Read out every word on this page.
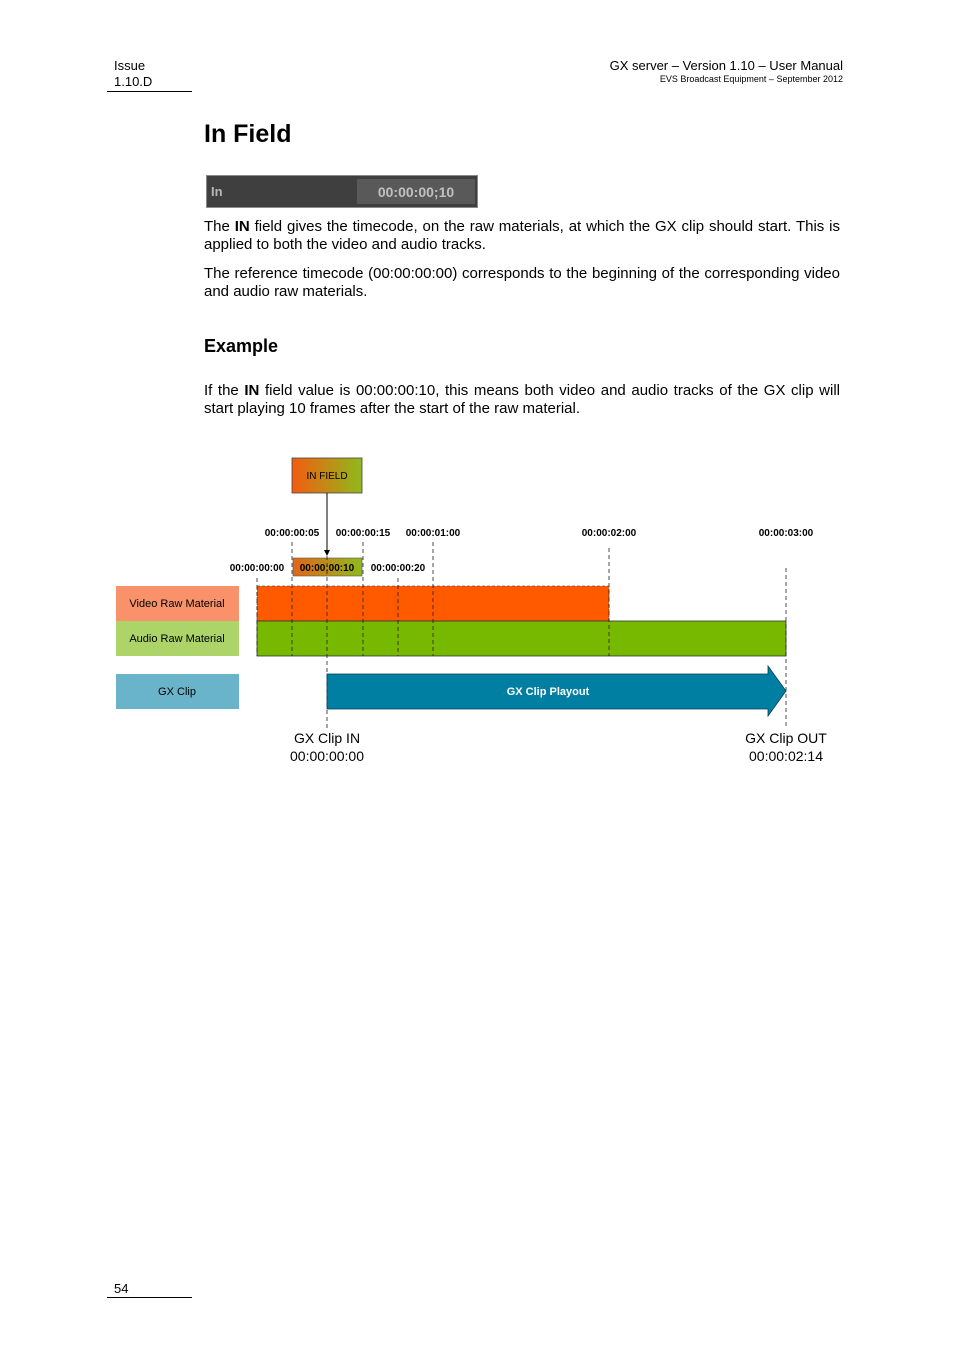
Issue
1.10.D
GX server – Version 1.10 – User Manual
EVS Broadcast Equipment – September 2012
In Field
In	00:00:00;10

The IN field gives the timecode, on the raw materials, at which the GX clip should start. This is applied to both the video and audio tracks.

The reference timecode (00:00:00:00) corresponds to the beginning of the corresponding video and audio raw materials.

Example

If the IN field value is 00:00:00:10, this means both video and audio tracks of the GX clip will start playing 10 frames after the start of the raw material.

IN FIELD
00:00:00:05 00:00:00:15 00:00:01:00	00:00:02:00	00:00:03:00
00:00:00:00 00:00:00:10 00:00:00:20
Video Raw Material
Audio Raw Material
GX Clip	GX Clip Playout
GX Clip IN
00:00:00:00
GX Clip OUT
00:00:02:14
54
